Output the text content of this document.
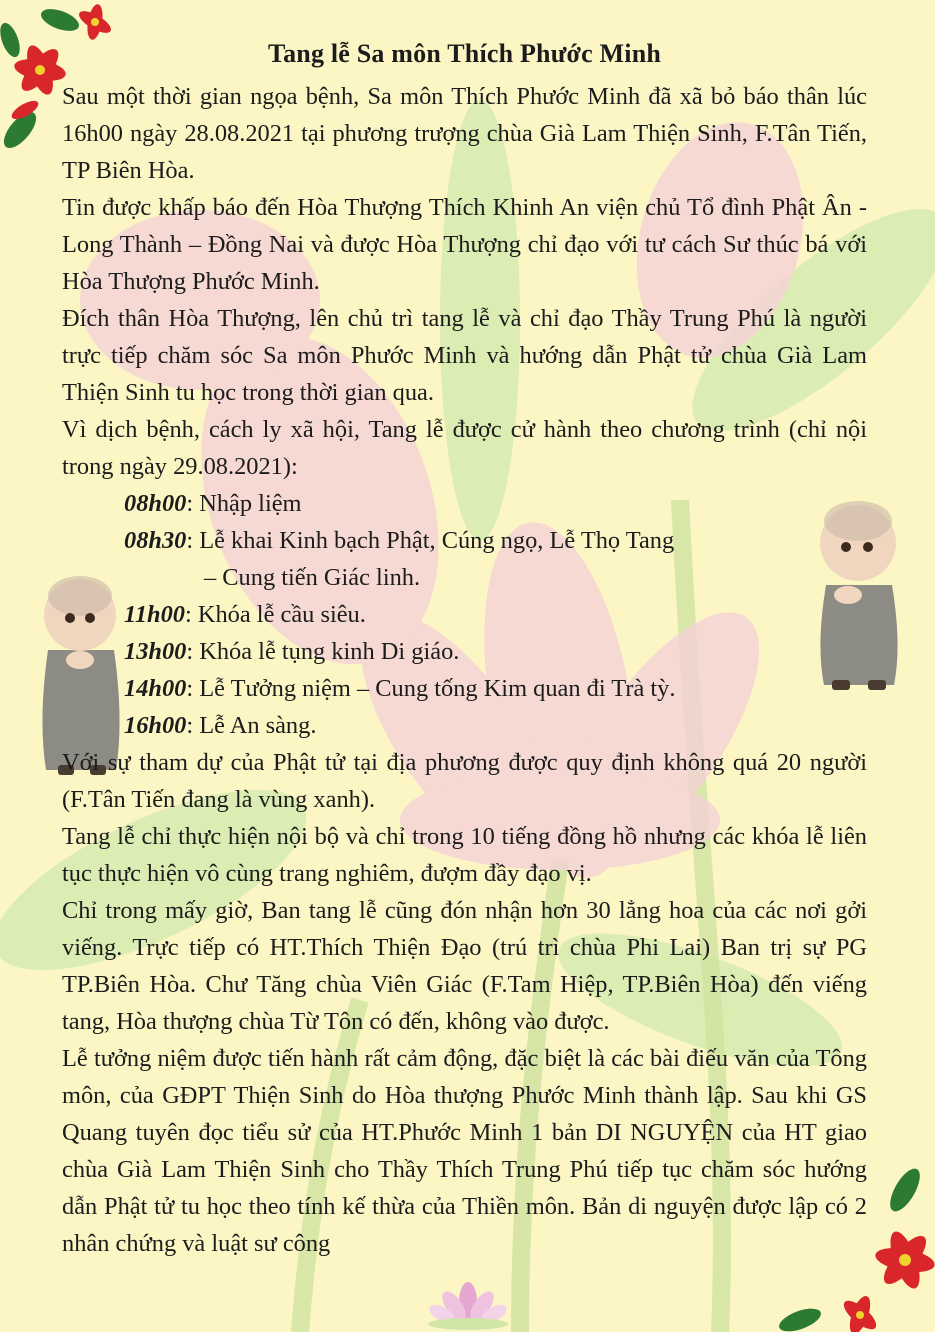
Tang lễ Sa môn Thích Phước Minh

Sau một thời gian ngọa bệnh, Sa môn Thích Phước Minh đã xã bỏ báo thân lúc 16h00 ngày 28.08.2021 tại phương trượng chùa Già Lam Thiện Sinh, F.Tân Tiến, TP Biên Hòa.

Tin được khấp báo đến Hòa Thượng Thích Khinh An viện chủ Tổ đình Phật Ân - Long Thành – Đồng Nai và được Hòa Thượng chỉ đạo với tư cách Sư thúc bá với Hòa Thượng Phước Minh.

Đích thân Hòa Thượng, lên chủ trì tang lễ và chỉ đạo Thầy Trung Phú là người trực tiếp chăm sóc Sa môn Phước Minh và hướng dẫn Phật tử chùa Già Lam Thiện Sinh tu học trong thời gian qua.

Vì dịch bệnh, cách ly xã hội, Tang lễ được cử hành theo chương trình (chỉ nội trong ngày 29.08.2021):

08h00 : Nhập liệm
08h30 : Lễ khai Kinh bạch Phật, Cúng ngọ, Lễ Thọ Tang
– Cung tiến Giác linh.
11h00 : Khóa lễ cầu siêu.
13h00 : Khóa lễ tụng kinh Di giáo.
14h00 : Lễ Tưởng niệm – Cung tống Kim quan đi Trà tỳ.
16h00 : Lễ An sàng.

Với sự tham dự của Phật tử tại địa phương được quy định không quá 20 người (F.Tân Tiến đang là vùng xanh).

Tang lễ chỉ thực hiện nội bộ và chỉ trong 10 tiếng đồng hồ nhưng các khóa lễ liên tục thực hiện vô cùng trang nghiêm, đượm đầy đạo vị.

Chỉ trong mấy giờ, Ban tang lễ cũng đón nhận hơn 30 lẳng hoa của các nơi gởi viếng. Trực tiếp có HT.Thích Thiện Đạo (trú trì chùa Phi Lai) Ban trị sự PG TP.Biên Hòa. Chư Tăng chùa Viên Giác (F.Tam Hiệp, TP.Biên Hòa) đến viếng tang, Hòa thượng chùa Từ Tôn có đến, không vào được.

Lễ tưởng niệm được tiến hành rất cảm động, đặc biệt là các bài điếu văn của Tông môn, của GĐPT Thiện Sinh do Hòa thượng Phước Minh thành lập. Sau khi GS Quang tuyên đọc tiểu sử của HT.Phước Minh 1 bản DI NGUYỆN của HT giao chùa Già Lam Thiện Sinh cho Thầy Thích Trung Phú tiếp tục chăm sóc hướng dẫn Phật tử tu học theo tính kế thừa của Thiền môn. Bản di nguyện được lập có 2 nhân chứng và luật sư công
